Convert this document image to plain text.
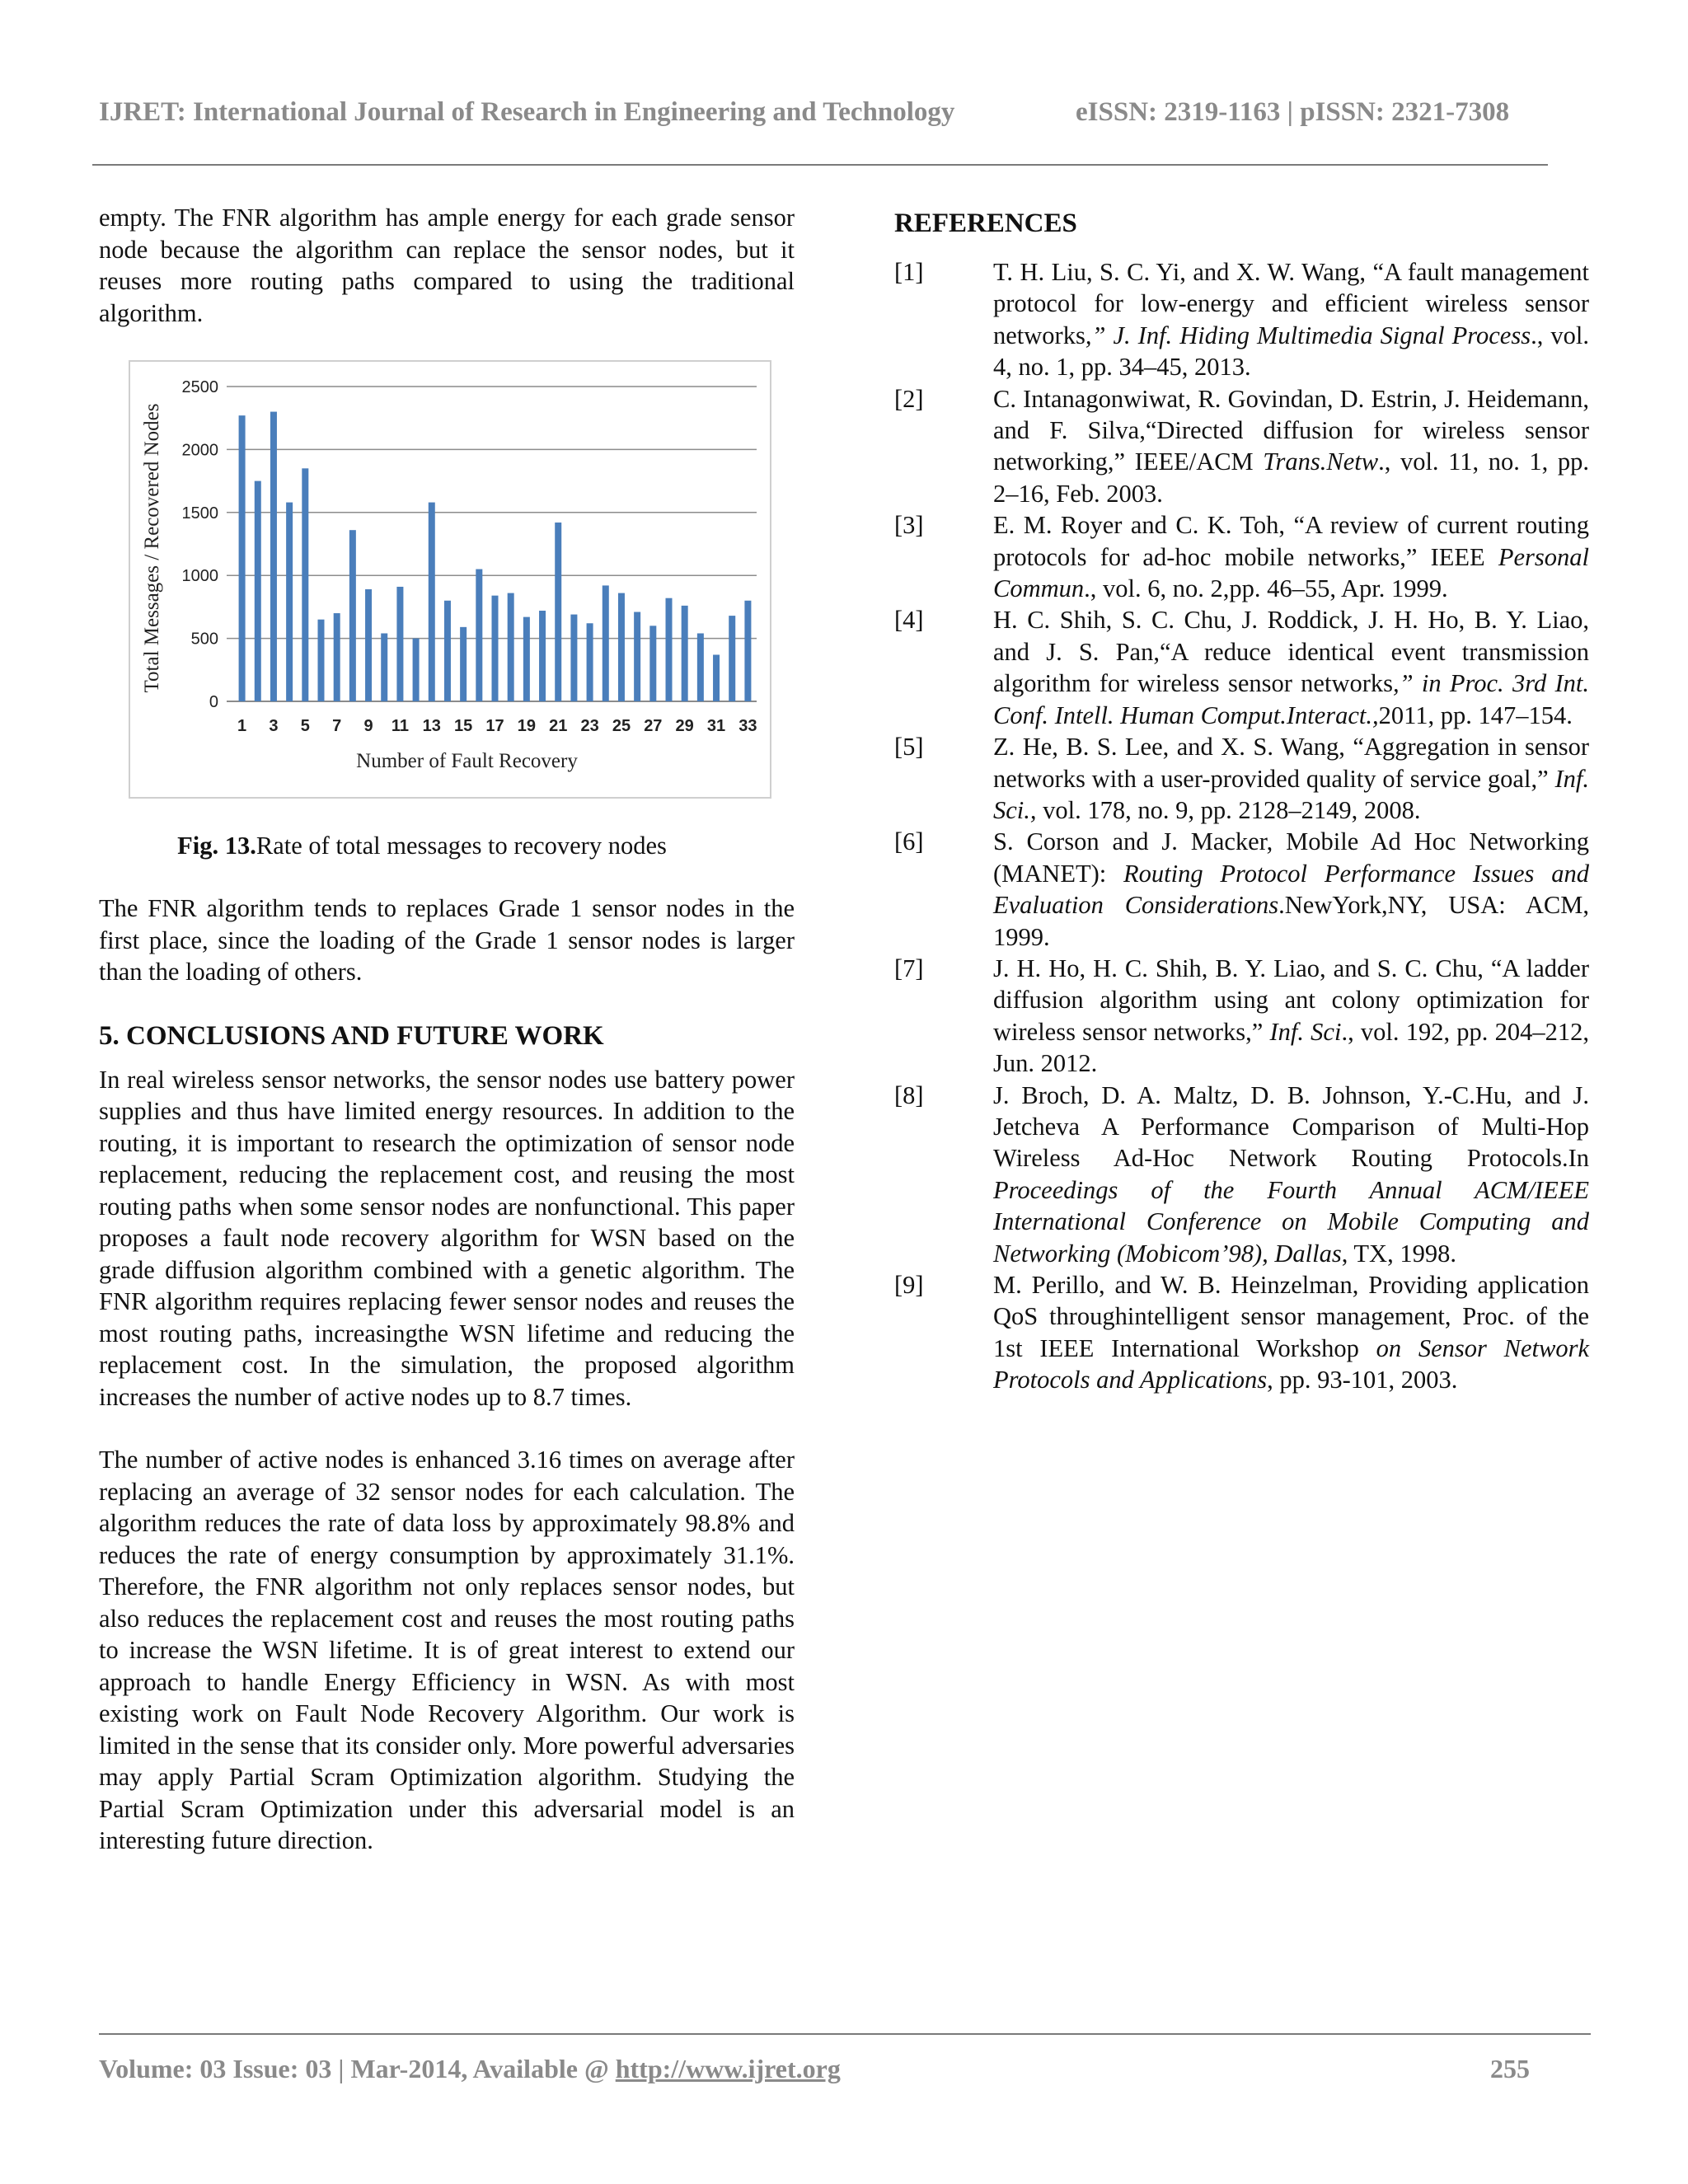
IJRET: International Journal of Research in Engineering and Technology	eISSN: 2319-1163 | pISSN: 2321-7308

empty. The FNR algorithm has ample energy for each grade sensor node because the algorithm can replace the sensor nodes, but it reuses more routing paths compared to using the traditional algorithm.

0
500
1000
1500
2000
2500
1 3 5 7 9 11 13 15 17 19 21 23 25 27 29 31 33
Number of Fault Recovery
Total Messages / Recovered Nodes
Fig. 13.Rate of total messages to recovery nodes

The FNR algorithm tends to replaces Grade 1 sensor nodes in the first place, since the loading of the Grade 1 sensor nodes is larger than the loading of others.

5. CONCLUSIONS AND FUTURE WORK

In real wireless sensor networks, the sensor nodes use battery power supplies and thus have limited energy resources. In addition to the routing, it is important to research the optimization of sensor node replacement, reducing the replacement cost, and reusing the most routing paths when some sensor nodes are nonfunctional. This paper proposes a fault node recovery algorithm for WSN based on the grade diffusion algorithm combined with a genetic algorithm. The FNR algorithm requires replacing fewer sensor nodes and reuses the most routing paths, increasingthe WSN lifetime and reducing the replacement cost. In the simulation, the proposed algorithm increases the number of active nodes up to 8.7 times.

The number of active nodes is enhanced 3.16 times on average after replacing an average of 32 sensor nodes for each calculation. The algorithm reduces the rate of data loss by approximately 98.8% and reduces the rate of energy consumption by approximately 31.1%. Therefore, the FNR algorithm not only replaces sensor nodes, but also reduces the replacement cost and reuses the most routing paths to increase the WSN lifetime. It is of great interest to extend our approach to handle Energy Efficiency in WSN. As with most existing work on Fault Node Recovery Algorithm. Our work is limited in the sense that its consider only. More powerful adversaries may apply Partial Scram Optimization algorithm. Studying the Partial Scram Optimization under this adversarial model is an interesting future direction.

REFERENCES

[1]	T. H. Liu, S. C. Yi, and X. W. Wang, “A fault management protocol for low-energy and efficient wireless sensor networks,” J. Inf. Hiding Multimedia Signal Process., vol. 4, no. 1, pp. 34–45, 2013.

[2]	C. Intanagonwiwat, R. Govindan, D. Estrin, J. Heidemann, and F. Silva,“Directed diffusion for wireless sensor networking,” IEEE/ACM Trans.Netw., vol. 11, no. 1, pp. 2–16, Feb. 2003.

[3]	E. M. Royer and C. K. Toh, “A review of current routing protocols for ad-hoc mobile networks,” IEEE Personal Commun., vol. 6, no. 2,pp. 46–55, Apr. 1999.

[4]	H. C. Shih, S. C. Chu, J. Roddick, J. H. Ho, B. Y. Liao, and J. S. Pan,“A reduce identical event transmission algorithm for wireless sensor networks,” in Proc. 3rd Int. Conf. Intell. Human Comput.Interact.,2011, pp. 147–154.

[5]	Z. He, B. S. Lee, and X. S. Wang, “Aggregation in sensor networks with a user-provided quality of service goal,” Inf. Sci., vol. 178, no. 9, pp. 2128–2149, 2008.

[6]	S. Corson and J. Macker, Mobile Ad Hoc Networking (MANET): Routing Protocol Performance Issues and Evaluation Considerations.NewYork,NY, USA: ACM, 1999.

[7]	J. H. Ho, H. C. Shih, B. Y. Liao, and S. C. Chu, “A ladder diffusion algorithm using ant colony optimization for wireless sensor networks,” Inf. Sci., vol. 192, pp. 204–212, Jun. 2012.

[8]	J. Broch, D. A. Maltz, D. B. Johnson, Y.-C.Hu, and J. Jetcheva A Performance Comparison of Multi-Hop Wireless Ad-Hoc Network Routing Protocols.In Proceedings of the Fourth Annual ACM/IEEE International Conference on Mobile Computing and Networking (Mobicom’98), Dallas, TX, 1998.

[9]	M. Perillo, and W. B. Heinzelman, Providing application QoS throughintelligent sensor management, Proc. of the 1st IEEE International Workshop on Sensor Network Protocols and Applications, pp. 93-101, 2003.

Volume: 03 Issue: 03 | Mar-2014, Available @ http://www.ijret.org	255
